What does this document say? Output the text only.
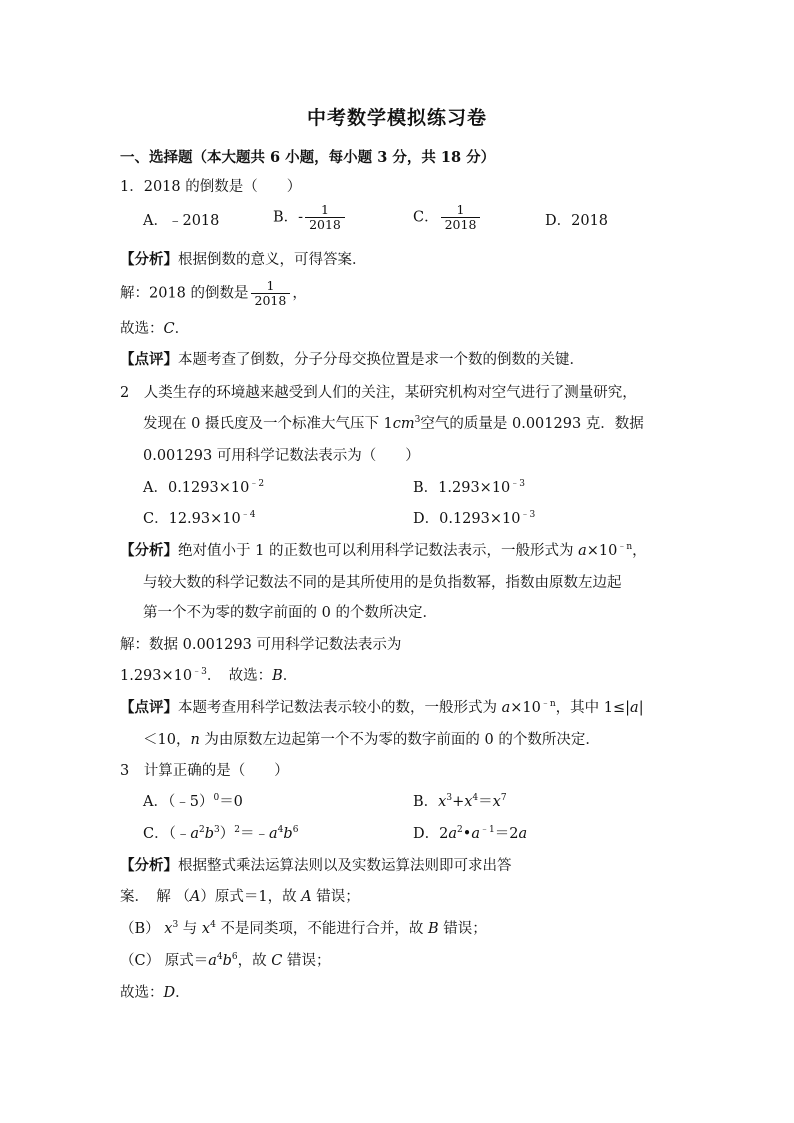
中考数学模拟练习卷
一、选择题（本大题共 6 小题，每小题 3 分，共 18 分）
1．2018 的倒数是（　　）
A．﹣2018	B．- $\frac{1}{2018}$	C． $\frac{1}{2018}$	D．2018
【分析】根据倒数的意义，可得答案．
解：2018 的倒数是 $\frac{1}{2018}$ ，
故选：C．
【点评】本题考查了倒数，分子分母交换位置是求一个数的倒数的关键．
2　人类生存的环境越来越受到人们的关注，某研究机构对空气进行了测量研究，
发现在 0 摄氏度及一个标准大气压下 $1cm^3$空气的质量是 0.001293 克．数据
0.001293 可用科学记数法表示为（　　）
A．$0.1293\times 10^{﹣2}$	B．$1.293\times 10^{﹣3}$
C．$12.93\times 10^{﹣4}$	D．$0.1293\times 10^{﹣3}$
【分析】绝对值小于 1 的正数也可以利用科学记数法表示，一般形式为 $a\times 10^{﹣n}$，
与较大数的科学记数法不同的是其所使用的是负指数幂，指数由原数左边起
第一个不为零的数字前面的 0 的个数所决定．
解：数据 0.001293 可用科学记数法表示为
$1.293\times 10^{﹣3}$．　故选：B．
【点评】本题考查用科学记数法表示较小的数，一般形式为 $a\times 10^{﹣n}$，其中 1≤|a|
＜10，n 为由原数左边起第一个不为零的数字前面的 0 的个数所决定．
3　计算正确的是（　　）
A．（﹣5）$^0$＝0	B．$x^3+x^4=x^7$
C．$(﹣a^2b^3)^2=﹣a^4b^6$	D．$2a^2•a^{﹣1}=2a$
【分析】根据整式乘法运算法则以及实数运算法则即可求出答
案．　解 （A）原式＝1，故 A 错误；
（B） $x^3$ 与 $x^4$ 不是同类项，不能进行合并，故 B 错误；
（C） 原式$=a^4b^6$，故 C 错误；
故选：D．
